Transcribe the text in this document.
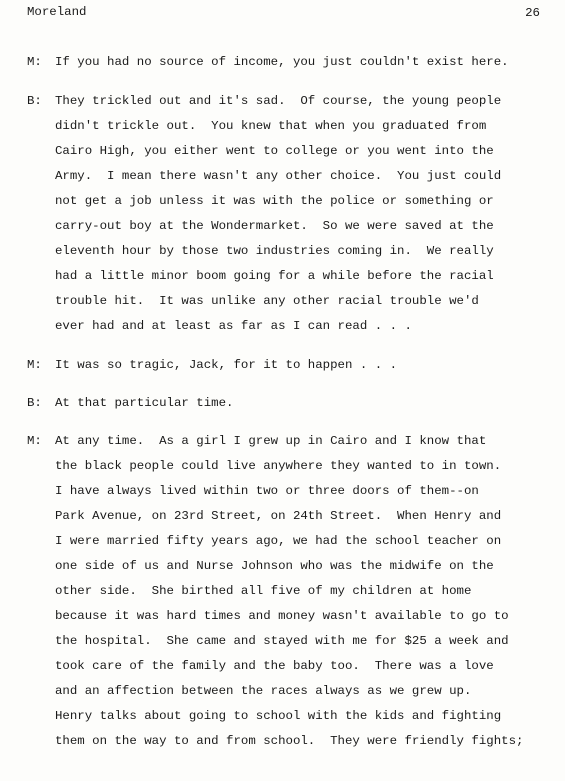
Moreland	26
M: If you had no source of income, you just couldn't exist here.
B: They trickled out and it's sad.  Of course, the young people
didn't trickle out.  You knew that when you graduated from
Cairo High, you either went to college or you went into the
Army.  I mean there wasn't any other choice.  You just could
not get a job unless it was with the police or something or
carry-out boy at the Wondermarket.  So we were saved at the
eleventh hour by those two industries coming in.  We really
had a little minor boom going for a while before the racial
trouble hit.  It was unlike any other racial trouble we'd
ever had and at least as far as I can read . . .
M: It was so tragic, Jack, for it to happen . . .
B: At that particular time.
M: At any time.  As a girl I grew up in Cairo and I know that
the black people could live anywhere they wanted to in town.
I have always lived within two or three doors of them--on
Park Avenue, on 23rd Street, on 24th Street.  When Henry and
I were married fifty years ago, we had the school teacher on
one side of us and Nurse Johnson who was the midwife on the
other side.  She birthed all five of my children at home
because it was hard times and money wasn't available to go to
the hospital.  She came and stayed with me for $25 a week and
took care of the family and the baby too.  There was a love
and an affection between the races always as we grew up.
Henry talks about going to school with the kids and fighting
them on the way to and from school.  They were friendly fights;
